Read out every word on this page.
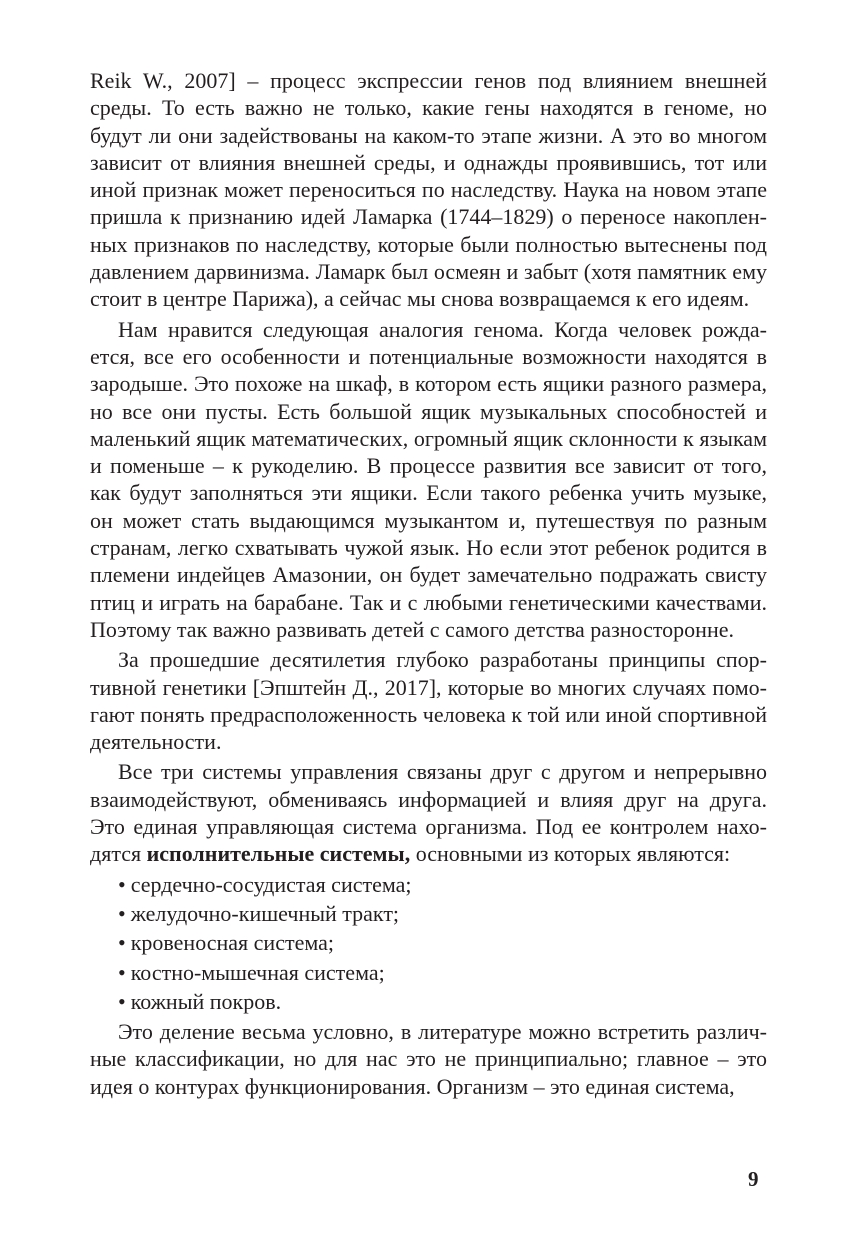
Reik W., 2007] – процесс экспрессии генов под влиянием внешней среды. То есть важно не только, какие гены находятся в геноме, но будут ли они задействованы на каком-то этапе жизни. А это во многом зависит от влияния внешней среды, и однажды проявившись, тот или иной признак может переноситься по наследству. Наука на новом этапе пришла к признанию идей Ламарка (1744–1829) о переносе накопленных признаков по наследству, которые были полностью вытеснены под давлением дарвинизма. Ламарк был осмеян и забыт (хотя памятник ему стоит в центре Парижа), а сейчас мы снова возвращаемся к его идеям.

Нам нравится следующая аналогия генома. Когда человек рождается, все его особенности и потенциальные возможности находятся в зародыше. Это похоже на шкаф, в котором есть ящики разного размера, но все они пусты. Есть большой ящик музыкальных способностей и маленький ящик математических, огромный ящик склонности к языкам и поменьше – к рукоделию. В процессе развития все зависит от того, как будут заполняться эти ящики. Если такого ребенка учить музыке, он может стать выдающимся музыкантом и, путешествуя по разным странам, легко схватывать чужой язык. Но если этот ребенок родится в племени индейцев Амазонии, он будет замечательно подражать свисту птиц и играть на барабане. Так и с любыми генетическими качествами. Поэтому так важно развивать детей с самого детства разносторонне.

За прошедшие десятилетия глубоко разработаны принципы спортивной генетики [Эпштейн Д., 2017], которые во многих случаях помогают понять предрасположенность человека к той или иной спортивной деятельности.

Все три системы управления связаны друг с другом и непрерывно взаимодействуют, обмениваясь информацией и влияя друг на друга. Это единая управляющая система организма. Под ее контролем находятся исполнительные системы, основными из которых являются:

• сердечно-сосудистая система;
• желудочно-кишечный тракт;
• кровеносная система;
• костно-мышечная система;
• кожный покров.

Это деление весьма условно, в литературе можно встретить различные классификации, но для нас это не принципиально; главное – это идея о контурах функционирования. Организм – это единая система,

9
